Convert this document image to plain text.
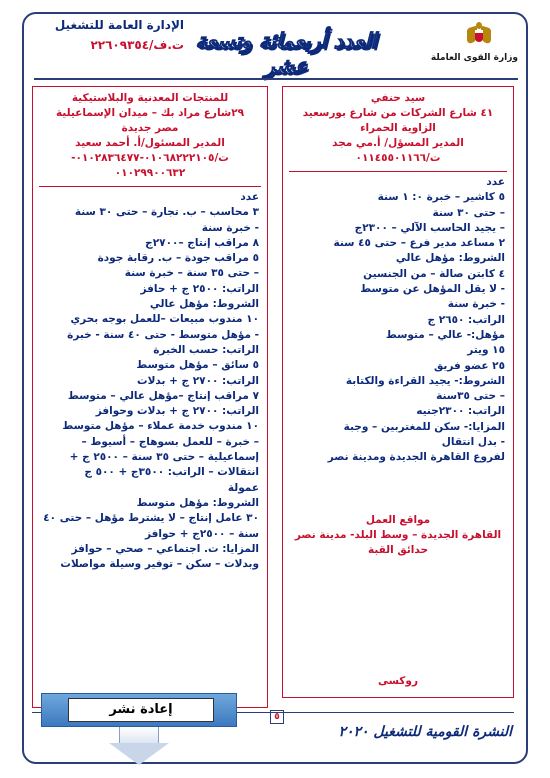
وزارة القوى العاملة
العدد أربعمائة وتسعة عشر
الإدارة العامة للتشغيل
ت.ف/٢٢٦٠٩٣٥٤
للمنتجات المعدنية والبلاستيكية
٢٩شارع مراد بك – ميدان الإسماعيلية
مصر جديدة
المدير المسئول/أ. أحمد سعيد
ت/٠١٠٦٨٢٢٢١٠٥-٠١٠٢٨٣٦٤٧٧-
٠١٠٢٩٩٠٠٦٣٢
عدد
٣ محاسب – ب. تجارة – حتى ٣٠ سنة
- خبرة سنة
٨ مراقب إنتاج –٢٧٠٠ج
٥ مراقب جودة – ب. رقابة جودة
– حتى ٣٥ سنة – خبرة سنة
الراتب: ٢٥٠٠ ج + حافز
الشروط: مؤهل عالي
١٠ مندوب مبيعات –للعمل بوجه بحري
- مؤهل متوسط - حتى ٤٠ سنة - خبرة
الراتب: حسب الخبرة
٥ سائق – مؤهل متوسط
الراتب: ٢٧٠٠ ج + بدلات
٧ مراقب إنتاج –مؤهل عالي – متوسط
الراتب: ٢٧٠٠ ج + بدلات وحوافز
١٠ مندوب خدمة عملاء – مؤهل متوسط
– خبرة – للعمل بسوهاج – أسيوط –
إسماعيلية – حتى ٣٥ سنة – ٢٥٠٠ ج +
انتقالات – الراتب: ٣٥٠٠ج + ٥٠٠ ج
عمولة
الشروط: مؤهل متوسط
٣٠ عامل إنتاج – لا يشترط مؤهل – حتى ٤٠
سنة – ٢٥٠٠ج + حوافز
المزايا: ت. اجتماعي – صحي – حوافز
وبدلات – سكن – توفير وسيلة مواصلات
سيد حنفي
٤١ شارع الشركات من شارع بورسعيد
الزاوية الحمراء
المدير المسؤل/ أ.مي مجد
ت/٠١١٤٥٥٠١١٦٦
عدد
٥ كاشير – خبرة ٠: ١ سنة
– حتى ٣٠ سنة
– يجيد الحاسب الآلي – ٢٣٠٠ج
٢ مساعد مدير فرع – حتى ٤٥ سنة
الشروط: مؤهل عالي
٤ كابتن صالة – من الجنسين
- لا يقل المؤهل عن متوسط
- خبرة سنة
الراتب: ٢٦٥٠ ج
مؤهل:- عالي – متوسط
١٥ ويتر
٢٥ عضو فريق
الشروط:- يجيد القراءة والكتابة
– حتى ٣٥سنة
الراتب: ٢٣٠٠جنيه
المزايا:- سكن للمغتربين – وجبة
- بدل انتقال
لفروع القاهرة الجديدة ومدينة نصر
مواقع العمل
القاهرة الجديدة – وسط البلد- مدينة نصر
حدائق القبة
روكسى
إعادة نشر	٥
النشرة القومية للتشغيل ٢٠٢٠
